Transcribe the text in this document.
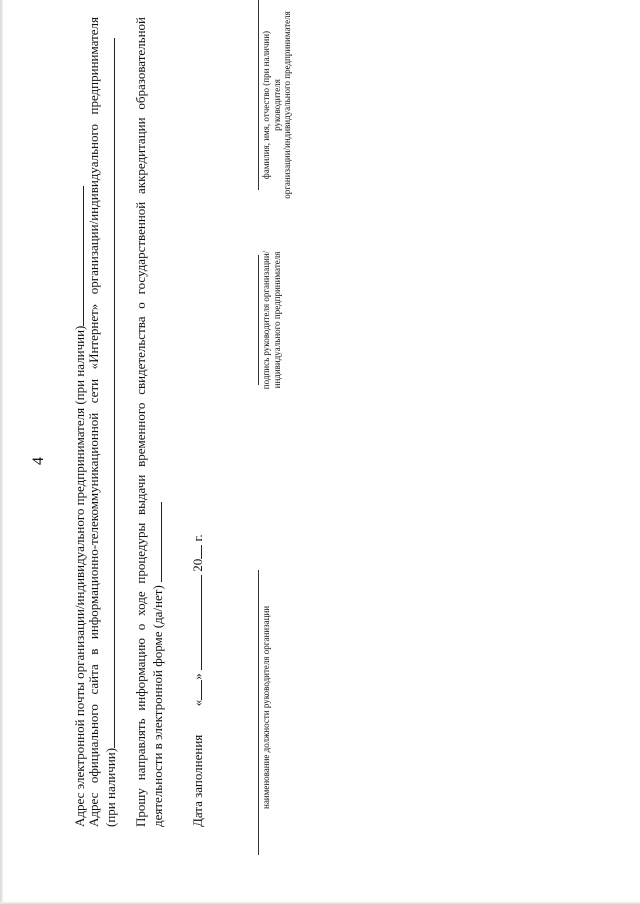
4 Адрес электронной почты организации/индивидуального предпринимателя (при наличии) Адрес официального сайта в информационно-телекоммуникационной сети «Интернет» организации/индивидуального предпринимателя (при наличии) Прошу направлять информацию о ходе процедуры выдачи временного свидетельства о государственной аккредитации образовательной деятельности в электронной форме (да/нет) Дата заполнения  «»  20 г.
наименование должности руководителя организации
подпись руководителя организации/ индивидуального предпринимателя
фамилия, имя, отчество (при наличии) руководителя организации/индивидуального предпринимателя
